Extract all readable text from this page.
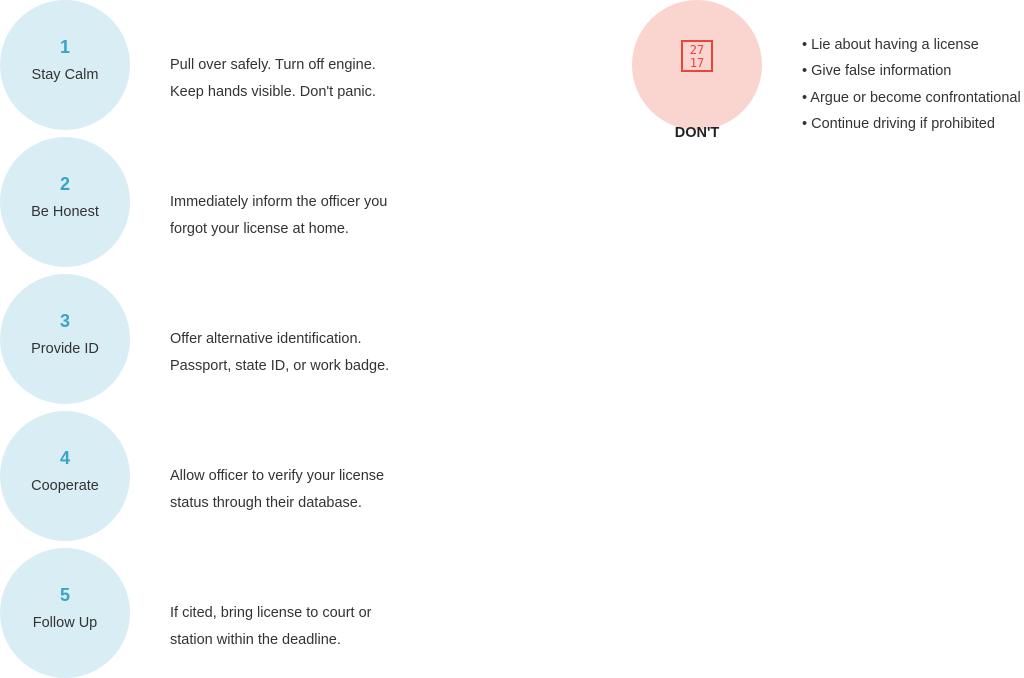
1
Stay Calm
Pull over safely. Turn off engine.
Keep hands visible. Don't panic.
2
Be Honest
Immediately inform the officer you
forgot your license at home.
3
Provide ID
Offer alternative identification.
Passport, state ID, or work badge.
4
Cooperate
Allow officer to verify your license
status through their database.
5
Follow Up
If cited, bring license to court or
station within the deadline.
27
17
DON'T
• Lie about having a license
• Give false information
• Argue or become confrontational
• Continue driving if prohibited
